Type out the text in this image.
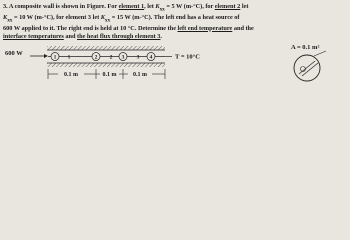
3. A composite wall is shown in Figure. For element 1, let $K_{xx} = 5$ W (m-°C), for element 2 let
$K_{xx} = 10$ W (m-°C), for element 3 let $K_{xx} = 15$ W (m-°C). The left end has a heat source of
600 W applied to it. The right end is held at 10 °C. Determine the left end temperature and the
interface temperatures and the heat flux through element 3.
600 W
1	2	3	4
1	2	3	T = 10°C
0.1 m	0.1 m	0.1 m
A = 0.1 m²
